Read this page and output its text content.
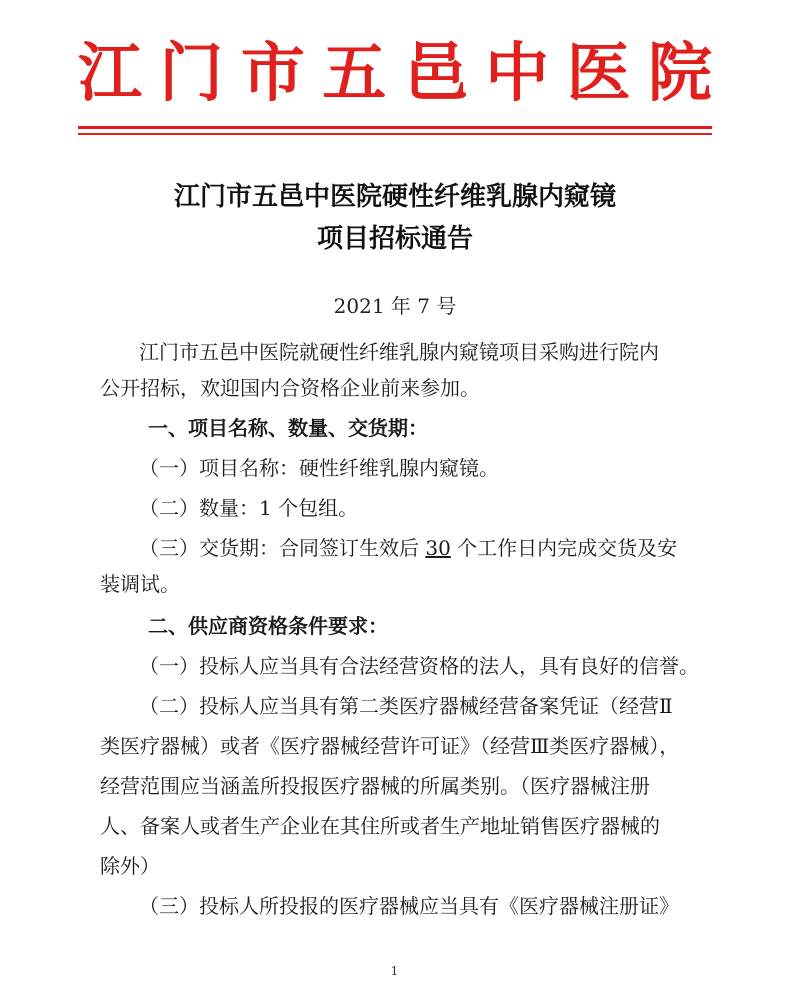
江 门 市 五 邑 中 医 院
江门市五邑中医院硬性纤维乳腺内窥镜
项目招标通告
2021 年 7 号
江门市五邑中医院就硬性纤维乳腺内窥镜项目采购进行院内
公开招标，欢迎国内合资格企业前来参加。
一、项目名称、数量、交货期：
（一）项目名称：硬性纤维乳腺内窥镜。
（二）数量：1 个包组。
（三）交货期：合同签订生效后 30 个工作日内完成交货及安
装调试。
二、供应商资格条件要求：
（一）投标人应当具有合法经营资格的法人，具有良好的信誉。
（二）投标人应当具有第二类医疗器械经营备案凭证（经营Ⅱ
类医疗器械）或者《医疗器械经营许可证》（经营Ⅲ类医疗器械），
经营范围应当涵盖所投报医疗器械的所属类别。（医疗器械注册
人、备案人或者生产企业在其住所或者生产地址销售医疗器械的
除外）
（三）投标人所投报的医疗器械应当具有《医疗器械注册证》
1
